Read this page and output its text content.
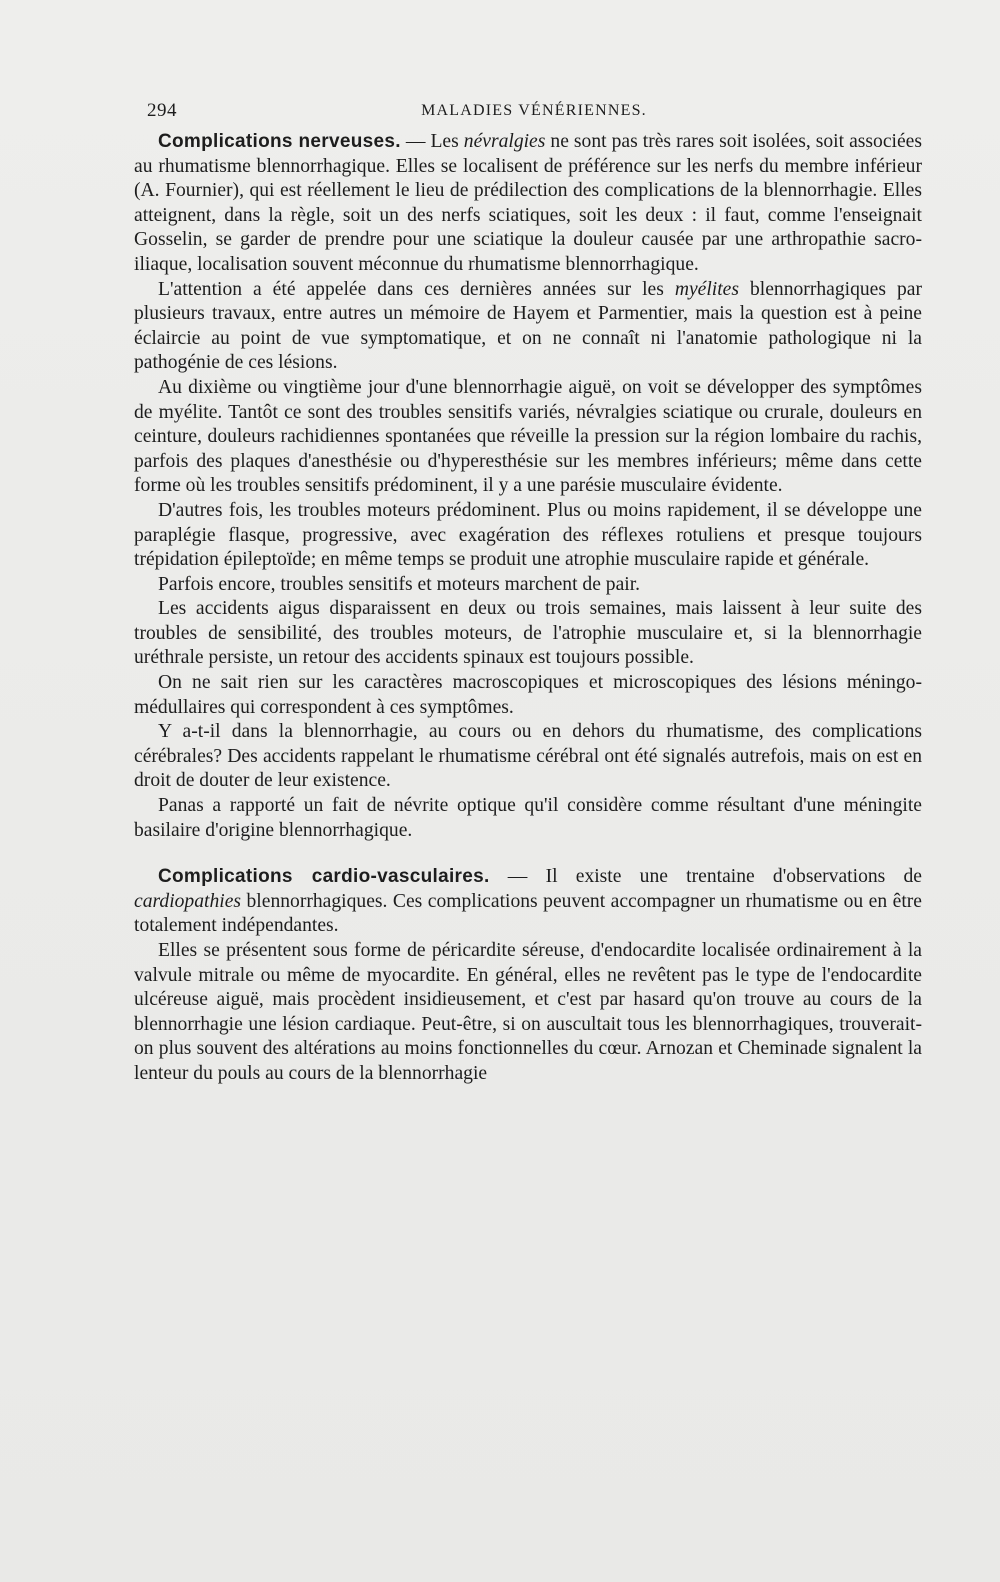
294	MALADIES VÉNÉRIENNES.

Complications nerveuses. — Les névralgies ne sont pas très rares soit isolées, soit associées au rhumatisme blennorrhagique. Elles se localisent de préférence sur les nerfs du membre inférieur (A. Fournier), qui est réellement le lieu de prédilection des complications de la blennorrhagie. Elles atteignent, dans la règle, soit un des nerfs sciatiques, soit les deux : il faut, comme l'enseignait Gosselin, se garder de prendre pour une sciatique la douleur causée par une arthropathie sacro-iliaque, localisation souvent méconnue du rhumatisme blennorrhagique.

L'attention a été appelée dans ces dernières années sur les myélites blennorrhagiques par plusieurs travaux, entre autres un mémoire de Hayem et Parmentier, mais la question est à peine éclaircie au point de vue symptomatique, et on ne connaît ni l'anatomie pathologique ni la pathogénie de ces lésions.

Au dixième ou vingtième jour d'une blennorrhagie aiguë, on voit se développer des symptômes de myélite. Tantôt ce sont des troubles sensitifs variés, névralgies sciatique ou crurale, douleurs en ceinture, douleurs rachidiennes spontanées que réveille la pression sur la région lombaire du rachis, parfois des plaques d'anesthésie ou d'hyperesthésie sur les membres inférieurs; même dans cette forme où les troubles sensitifs prédominent, il y a une parésie musculaire évidente.

D'autres fois, les troubles moteurs prédominent. Plus ou moins rapidement, il se développe une paraplégie flasque, progressive, avec exagération des réflexes rotuliens et presque toujours trépidation épileptoïde; en même temps se produit une atrophie musculaire rapide et générale.

Parfois encore, troubles sensitifs et moteurs marchent de pair.

Les accidents aigus disparaissent en deux ou trois semaines, mais laissent à leur suite des troubles de sensibilité, des troubles moteurs, de l'atrophie musculaire et, si la blennorrhagie uréthrale persiste, un retour des accidents spinaux est toujours possible.

On ne sait rien sur les caractères macroscopiques et microscopiques des lésions méningo-médullaires qui correspondent à ces symptômes.

Y a-t-il dans la blennorrhagie, au cours ou en dehors du rhumatisme, des complications cérébrales? Des accidents rappelant le rhumatisme cérébral ont été signalés autrefois, mais on est en droit de douter de leur existence.

Panas a rapporté un fait de névrite optique qu'il considère comme résultant d'une méningite basilaire d'origine blennorrhagique.

Complications cardio-vasculaires. — Il existe une trentaine d'observations de cardiopathies blennorrhagiques. Ces complications peuvent accompagner un rhumatisme ou en être totalement indépendantes.

Elles se présentent sous forme de péricardite séreuse, d'endocardite localisée ordinairement à la valvule mitrale ou même de myocardite. En général, elles ne revêtent pas le type de l'endocardite ulcéreuse aiguë, mais procèdent insidieusement, et c'est par hasard qu'on trouve au cours de la blennorrhagie une lésion cardiaque. Peut-être, si on auscultait tous les blennorrhagiques, trouverait-on plus souvent des altérations au moins fonctionnelles du cœur. Arnozan et Cheminade signalent la lenteur du pouls au cours de la blennorrhagie
